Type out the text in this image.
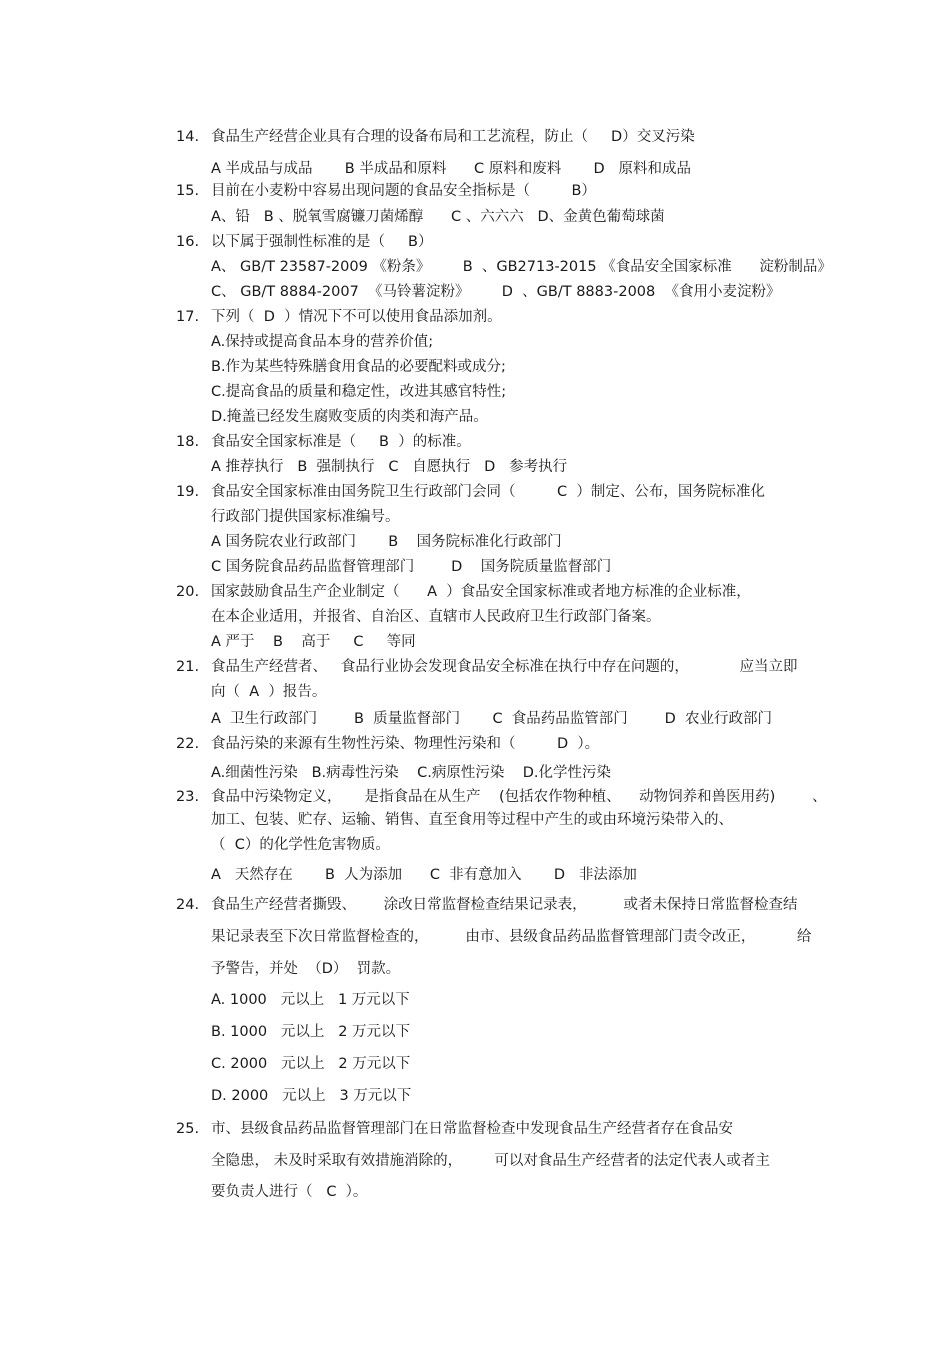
14. 食品生产经营企业具有合理的设备布局和工艺流程，防止（     D）交叉污染
A 半成品与成品       B 半成品和原料      C 原料和废料       D   原料和成品
15. 目前在小麦粉中容易出现问题的食品安全指标是（         B）
A、铅   B 、脱氧雪腐镰刀菌烯醇      C 、六六六   D、金黄色葡萄球菌
16. 以下属于强制性标准的是（     B）
A、 GB/T 23587-2009 《粉条》       B  、GB2713-2015 《食品安全国家标准      淀粉制品》
C、 GB/T 8884-2007  《马铃薯淀粉》       D  、GB/T 8883-2008  《食用小麦淀粉》
17. 下列（  D  ）情况下不可以使用食品添加剂。
A.保持或提高食品本身的营养价值;
B.作为某些特殊膳食用食品的必要配料或成分;
C.提高食品的质量和稳定性，改进其感官特性;
D.掩盖已经发生腐败变质的肉类和海产品。
18. 食品安全国家标准是（     B  ）的标准。
A 推荐执行   B  强制执行   C   自愿执行   D   参考执行
19. 食品安全国家标准由国务院卫生行政部门会同（         C  ）制定、公布，国务院标准化
行政部门提供国家标准编号。
A 国务院农业行政部门       B    国务院标准化行政部门
C 国务院食品药品监督管理部门        D    国务院质量监督部门
20. 国家鼓励食品生产企业制定（      A  ）食品安全国家标准或者地方标准的企业标准，
在本企业适用，并报省、自治区、直辖市人民政府卫生行政部门备案。
A 严于    B    高于     C     等同
21. 食品生产经营者、   食品行业协会发现食品安全标准在执行中存在问题的，           应当立即
向（  A  ）报告。
A  卫生行政部门        B  质量监督部门       C  食品药品监管部门        D  农业行政部门
22. 食品污染的来源有生物性污染、物理性污染和（         D  ）。
A.细菌性污染   B.病毒性污染    C.病原性污染    D.化学性污染
23. 食品中污染物定义，     是指食品在从生产    (包括农作物种植、    动物饲养和兽医用药)        、
加工、包装、贮存、运输、销售、直至食用等过程中产生的或由环境污染带入的、
（  C）的化学性危害物质。
A   天然存在       B  人为添加      C  非有意加入       D   非法添加
24. 食品生产经营者撕毁、      涂改日常监督检查结果记录表，        或者未保持日常监督检查结
果记录表至下次日常监督检查的，        由市、县级食品药品监督管理部门责令改正，         给
予警告，并处  （D）  罚款。
A. 1000   元以上   1 万元以下
B. 1000   元以上   2 万元以下
C. 2000   元以上   2 万元以下
D. 2000   元以上   3 万元以下
25. 市、县级食品药品监督管理部门在日常监督检查中发现食品生产经营者存在食品安
全隐患， 未及时采取有效措施消除的，       可以对食品生产经营者的法定代表人或者主
要负责人进行（   C  ）。
